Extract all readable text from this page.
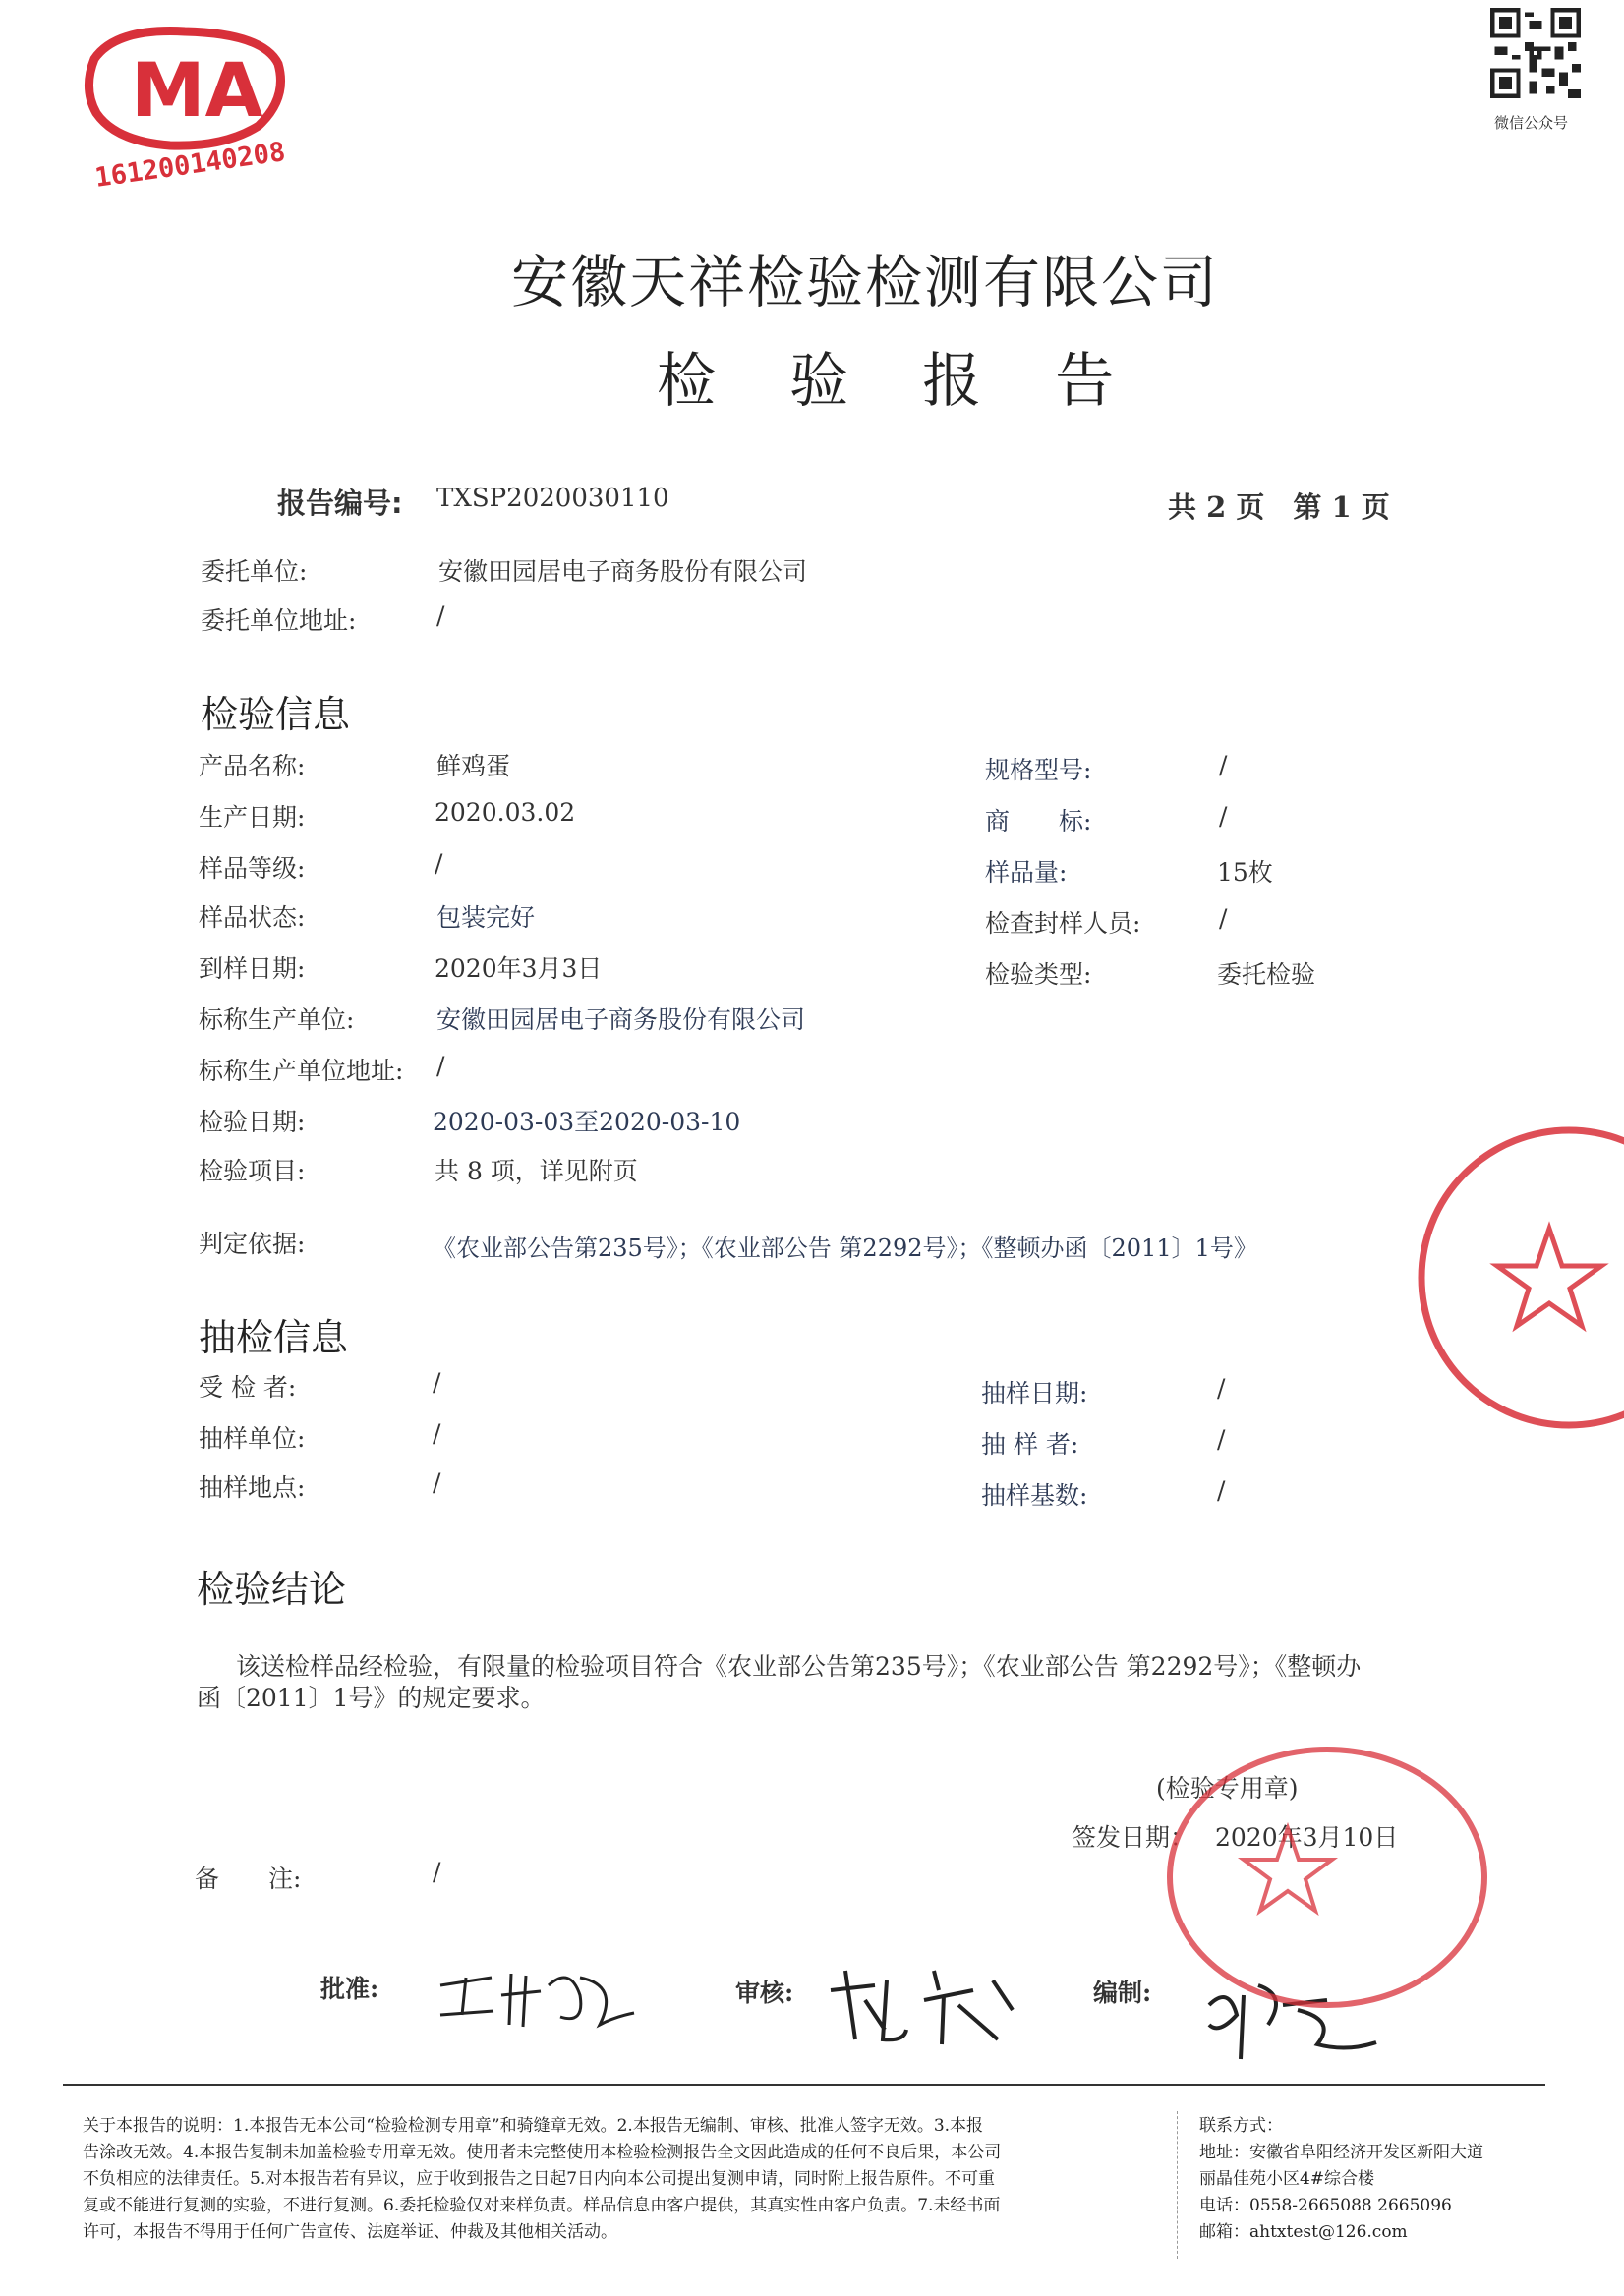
MA
161200140208
微信公众号
安徽天祥检验检测有限公司
检 验 报 告
报告编号: TXSP2020030110	共 2 页　第 1 页
委托单位:	安徽田园居电子商务股份有限公司
委托单位地址:	/
检验信息
产品名称:	鲜鸡蛋	规格型号:	/
生产日期:	2020.03.02	商　　标:	/
样品等级:	/	样品量:	15枚
样品状态:	包装完好	检查封样人员:	/
到样日期:	2020年3月3日	检验类型:	委托检验
标称生产单位:	安徽田园居电子商务股份有限公司
标称生产单位地址: /
检验日期:	2020-03-03至2020-03-10
检验项目:	共 8 项，详见附页
判定依据:	《农业部公告第235号》；《农业部公告 第2292号》；《整顿办函〔2011〕1号》
抽检信息
受 检 者:	/	抽样日期:	/
抽样单位:	/	抽 样 者:	/
抽样地点:	/	抽样基数:	/
检验结论
该送检样品经检验，有限量的检验项目符合《农业部公告第235号》；《农业部公告 第2292号》；《整顿办
函〔2011〕1号》的规定要求。
(检验专用章)
签发日期： 2020年3月10日
备　　注:	/
批准:	审核:	编制:
关于本报告的说明：1.本报告无本公司“检验检测专用章”和骑缝章无效。2.本报告无编制、审核、批准人签字无效。3.本报
告涂改无效。4.本报告复制未加盖检验专用章无效。使用者未完整使用本检验检测报告全文因此造成的任何不良后果，本公司
不负相应的法律责任。5.对本报告若有异议，应于收到报告之日起7日内向本公司提出复测申请，同时附上报告原件。不可重
复或不能进行复测的实验，不进行复测。6.委托检验仅对来样负责。样品信息由客户提供，其真实性由客户负责。7.未经书面
许可，本报告不得用于任何广告宣传、法庭举证、仲裁及其他相关活动。
联系方式：
地址：安徽省阜阳经济开发区新阳大道
丽晶佳苑小区4#综合楼
电话：0558-2665088 2665096
邮箱：ahtxtest@126.com
